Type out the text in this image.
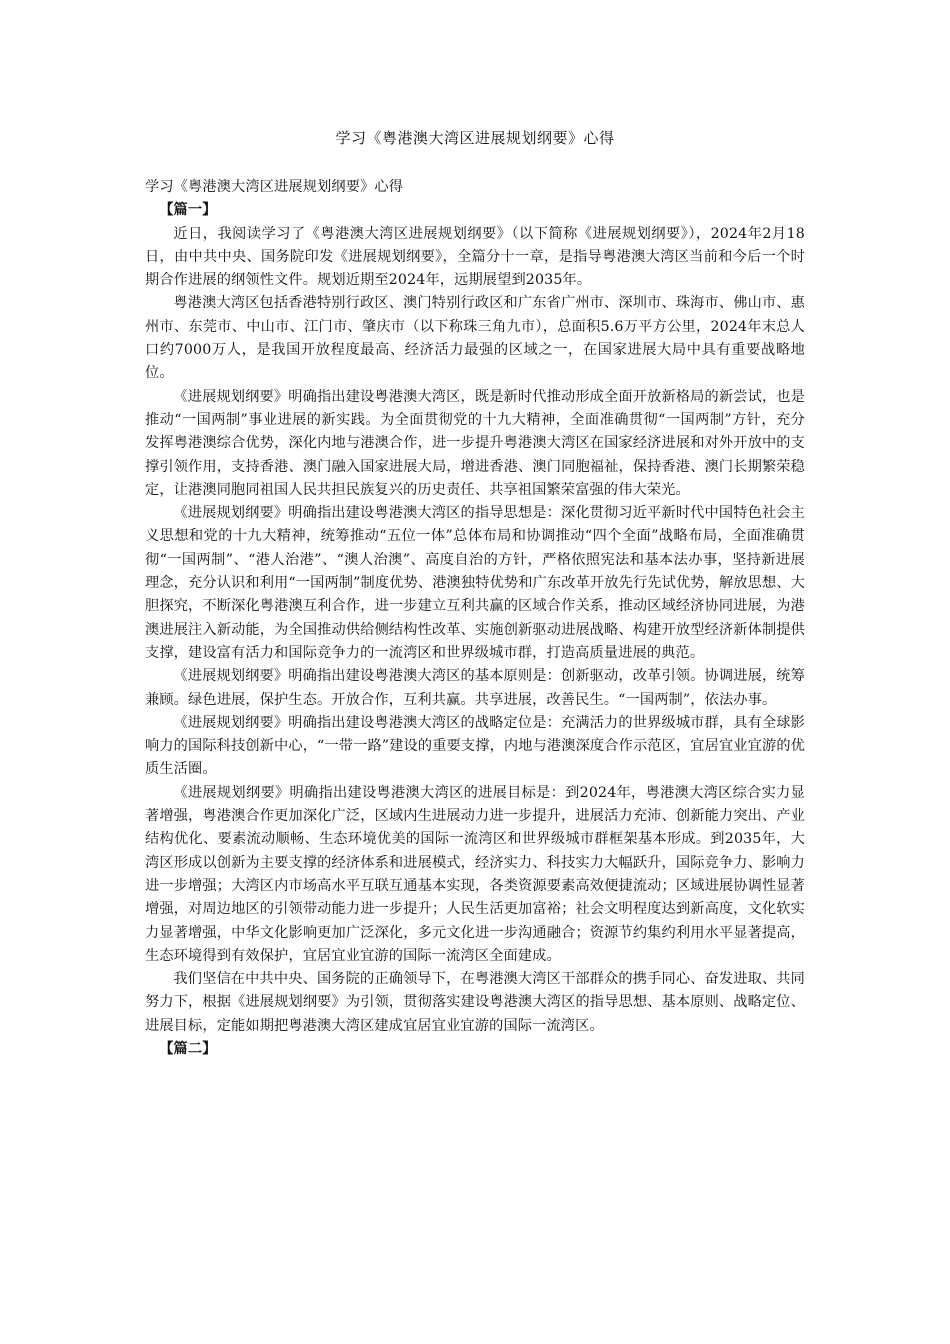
学习《粤港澳大湾区进展规划纲要》心得

学习《粤港澳大湾区进展规划纲要》心得

【篇一】

近日，我阅读学习了《粤港澳大湾区进展规划纲要》（以下简称《进展规划纲要》），2024年2月18日，由中共中央、国务院印发《进展规划纲要》，全篇分十一章，是指导粤港澳大湾区当前和今后一个时期合作进展的纲领性文件。规划近期至2024年，远期展望到2035年。

粤港澳大湾区包括香港特别行政区、澳门特别行政区和广东省广州市、深圳市、珠海市、佛山市、惠州市、东莞市、中山市、江门市、肇庆市（以下称珠三角九市），总面积5.6万平方公里，2024年末总人口约7000万人，是我国开放程度最高、经济活力最强的区域之一，在国家进展大局中具有重要战略地位。

《进展规划纲要》明确指出建设粤港澳大湾区，既是新时代推动形成全面开放新格局的新尝试，也是推动“一国两制”事业进展的新实践。为全面贯彻党的十九大精神，全面准确贯彻“一国两制”方针，充分发挥粤港澳综合优势，深化内地与港澳合作，进一步提升粤港澳大湾区在国家经济进展和对外开放中的支撑引领作用，支持香港、澳门融入国家进展大局，增进香港、澳门同胞福祉，保持香港、澳门长期繁荣稳定，让港澳同胞同祖国人民共担民族复兴的历史责任、共享祖国繁荣富强的伟大荣光。

《进展规划纲要》明确指出建设粤港澳大湾区的指导思想是：深化贯彻习近平新时代中国特色社会主义思想和党的十九大精神，统筹推动“五位一体”总体布局和协调推动“四个全面”战略布局，全面准确贯彻“一国两制”、“港人治港”、“澳人治澳”、高度自治的方针，严格依照宪法和基本法办事，坚持新进展理念，充分认识和利用“一国两制”制度优势、港澳独特优势和广东改革开放先行先试优势，解放思想、大胆探究，不断深化粤港澳互利合作，进一步建立互利共赢的区域合作关系，推动区域经济协同进展，为港澳进展注入新动能，为全国推动供给侧结构性改革、实施创新驱动进展战略、构建开放型经济新体制提供支撑，建设富有活力和国际竞争力的一流湾区和世界级城市群，打造高质量进展的典范。

《进展规划纲要》明确指出建设粤港澳大湾区的基本原则是：创新驱动，改革引领。协调进展，统筹兼顾。绿色进展，保护生态。开放合作，互利共赢。共享进展，改善民生。“一国两制”，依法办事。

《进展规划纲要》明确指出建设粤港澳大湾区的战略定位是：充满活力的世界级城市群，具有全球影响力的国际科技创新中心，“一带一路”建设的重要支撑，内地与港澳深度合作示范区，宜居宜业宜游的优质生活圈。

《进展规划纲要》明确指出建设粤港澳大湾区的进展目标是：到2024年，粤港澳大湾区综合实力显著增强，粤港澳合作更加深化广泛，区域内生进展动力进一步提升，进展活力充沛、创新能力突出、产业结构优化、要素流动顺畅、生态环境优美的国际一流湾区和世界级城市群框架基本形成。到2035年，大湾区形成以创新为主要支撑的经济体系和进展模式，经济实力、科技实力大幅跃升，国际竞争力、影响力进一步增强；大湾区内市场高水平互联互通基本实现，各类资源要素高效便捷流动；区域进展协调性显著增强，对周边地区的引领带动能力进一步提升；人民生活更加富裕；社会文明程度达到新高度，文化软实力显著增强，中华文化影响更加广泛深化，多元文化进一步沟通融合；资源节约集约利用水平显著提高，生态环境得到有效保护，宜居宜业宜游的国际一流湾区全面建成。

我们坚信在中共中央、国务院的正确领导下，在粤港澳大湾区干部群众的携手同心、奋发进取、共同努力下，根据《进展规划纲要》为引领，贯彻落实建设粤港澳大湾区的指导思想、基本原则、战略定位、进展目标，定能如期把粤港澳大湾区建成宜居宜业宜游的国际一流湾区。

【篇二】
